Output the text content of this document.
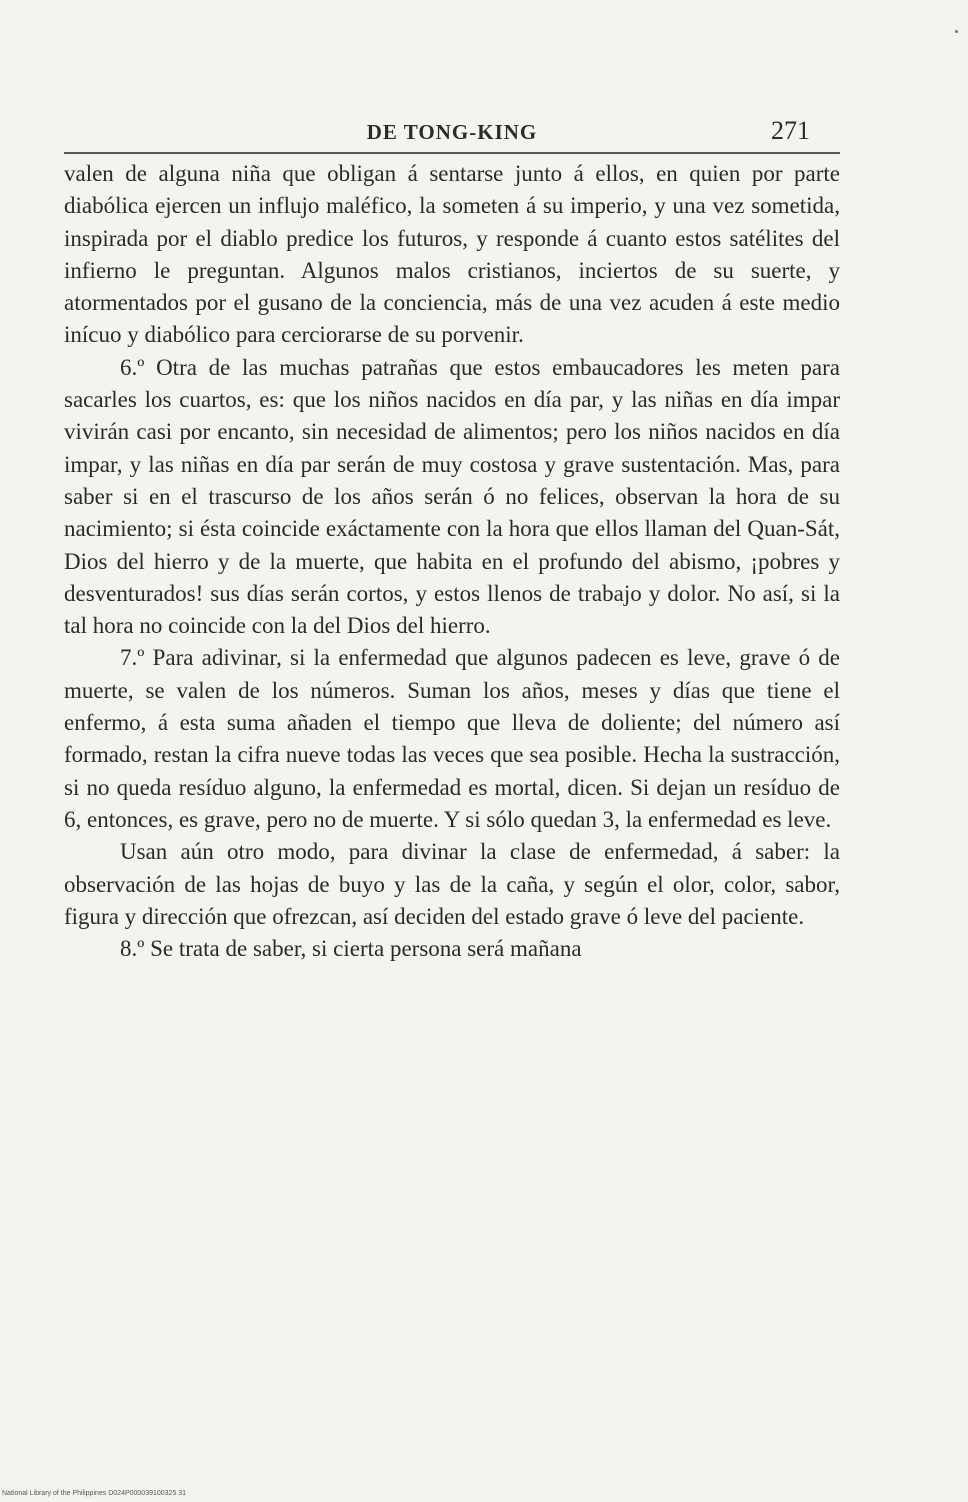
DE TONG-KING	271

valen de alguna niña que obligan á sentarse junto á ellos, en quien por parte diabólica ejercen un influjo maléfico, la someten á su imperio, y una vez sometida, inspirada por el diablo predice los futuros, y responde á cuanto estos satélites del infierno le preguntan. Algunos malos cristianos, inciertos de su suerte, y atormentados por el gusano de la conciencia, más de una vez acuden á este medio inícuo y diabólico para cerciorarse de su porvenir.

6.º Otra de las muchas patrañas que estos embaucadores les meten para sacarles los cuartos, es: que los niños nacidos en día par, y las niñas en día impar vivirán casi por encanto, sin necesidad de alimentos; pero los niños nacidos en día impar, y las niñas en día par serán de muy costosa y grave sustentación. Mas, para saber si en el trascurso de los años serán ó no felices, observan la hora de su nacimiento; si ésta coincide exáctamente con la hora que ellos llaman del Quan-Sát, Dios del hierro y de la muerte, que habita en el profundo del abismo, ¡pobres y desventurados! sus días serán cortos, y estos llenos de trabajo y dolor. No así, si la tal hora no coincide con la del Dios del hierro.

7.º Para adivinar, si la enfermedad que algunos padecen es leve, grave ó de muerte, se valen de los números. Suman los años, meses y días que tiene el enfermo, á esta suma añaden el tiempo que lleva de doliente; del número así formado, restan la cifra nueve todas las veces que sea posible. Hecha la sustracción, si no queda resíduo alguno, la enfermedad es mortal, dicen. Si dejan un resíduo de 6, entonces, es grave, pero no de muerte. Y si sólo quedan 3, la enfermedad es leve.

Usan aún otro modo, para divinar la clase de enfermedad, á saber: la observación de las hojas de buyo y las de la caña, y según el olor, color, sabor, figura y dirección que ofrezcan, así deciden del estado grave ó leve del paciente.

8.º Se trata de saber, si cierta persona será mañana

National Library of the Philippines D024P000039100325 31
